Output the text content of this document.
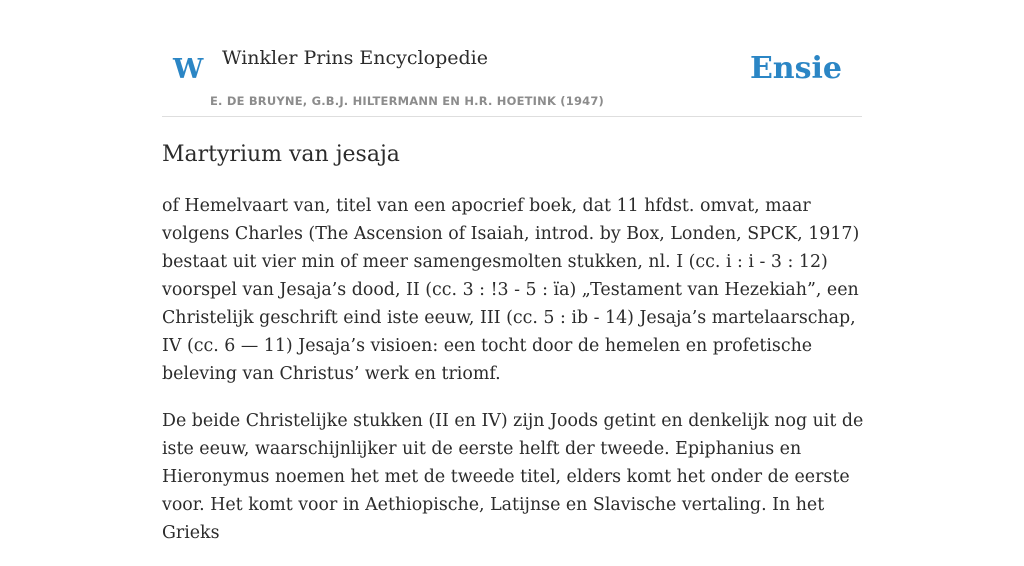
W Winkler Prins Encyclopedie
E. DE BRUYNE, G.B.J. HILTERMANN EN H.R. HOETINK (1947)
Ensie
Martyrium van jesaja

of Hemelvaart van, titel van een apocrief boek, dat 11 hfdst. omvat, maar volgens Charles (The Ascension of Isaiah, introd. by Box, Londen, SPCK, 1917) bestaat uit vier min of meer samengesmolten stukken, nl. I (cc. i : i - 3 : 12) voorspel van Jesaja’s dood, II (cc. 3 : !3 - 5 : ïa) „Testament van Hezekiah”, een Christelijk geschrift eind iste eeuw, III (cc. 5 : ib - 14) Jesaja’s martelaarschap, IV (cc. 6 — 11) Jesaja’s visioen: een tocht door de hemelen en profetische beleving van Christus’ werk en triomf.

De beide Christelijke stukken (II en IV) zijn Joods getint en denkelijk nog uit de iste eeuw, waarschijnlijker uit de eerste helft der tweede. Epiphanius en Hieronymus noemen het met de tweede titel, elders komt het onder de eerste voor. Het komt voor in Aethiopische, Latijnse en Slavische vertaling. In het Grieks
